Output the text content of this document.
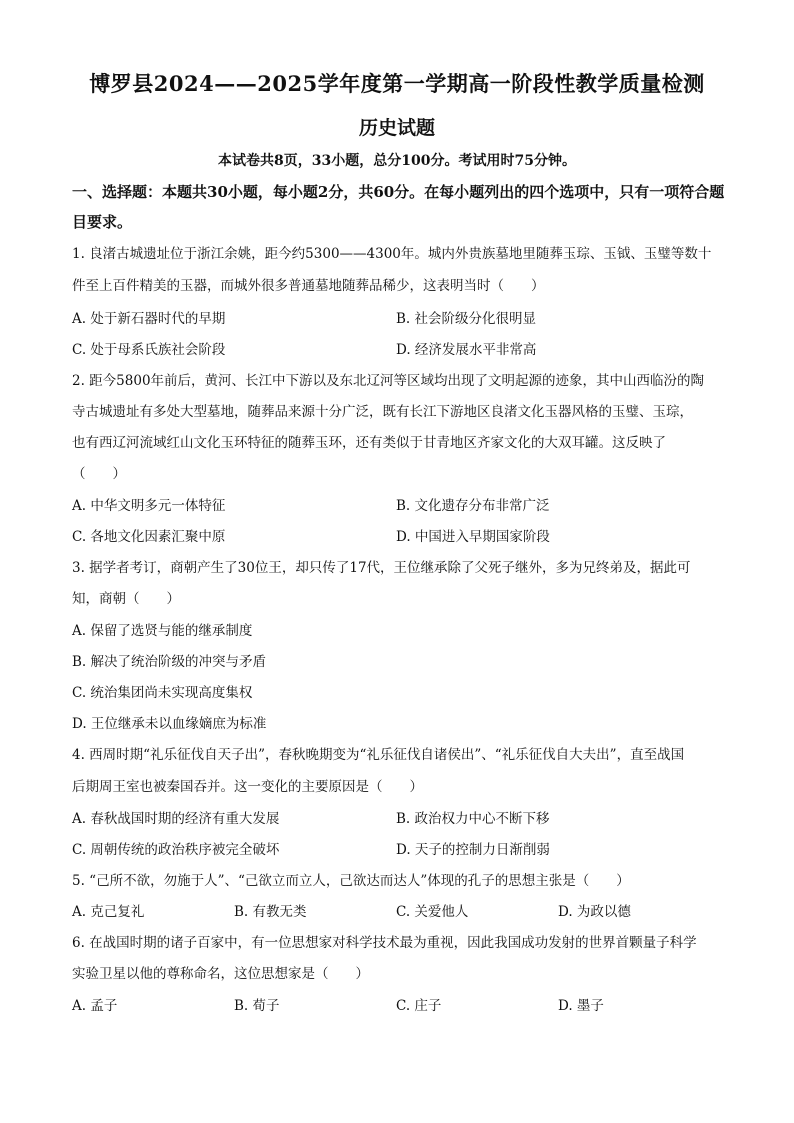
博罗县2024——2025学年度第一学期高一阶段性教学质量检测
历史试题
本试卷共8页，33小题，总分100分。考试用时75分钟。
一、选择题：本题共30小题，每小题2分，共60分。在每小题列出的四个选项中，只有一项符合题目要求。
1. 良渚古城遗址位于浙江余姚，距今约5300——4300年。城内外贵族墓地里随葬玉琮、玉钺、玉璧等数十
件至上百件精美的玉器，而城外很多普通墓地随葬品稀少，这表明当时（　　）
A. 处于新石器时代的早期	B. 社会阶级分化很明显
C. 处于母系氏族社会阶段	D. 经济发展水平非常高
2. 距今5800年前后，黄河、长江中下游以及东北辽河等区域均出现了文明起源的迹象，其中山西临汾的陶
寺古城遗址有多处大型墓地，随葬品来源十分广泛，既有长江下游地区良渚文化玉器风格的玉璧、玉琮，
也有西辽河流域红山文化玉环特征的随葬玉环，还有类似于甘青地区齐家文化的大双耳罐。这反映了
（　　）
A. 中华文明多元一体特征	B. 文化遗存分布非常广泛
C. 各地文化因素汇聚中原	D. 中国进入早期国家阶段
3. 据学者考订，商朝产生了30位王，却只传了17代，王位继承除了父死子继外，多为兄终弟及，据此可
知，商朝（　　）
A. 保留了选贤与能的继承制度
B. 解决了统治阶级的冲突与矛盾
C. 统治集团尚未实现高度集权
D. 王位继承未以血缘嫡庶为标准
4. 西周时期“礼乐征伐自天子出”，春秋晚期变为“礼乐征伐自诸侯出”、“礼乐征伐自大夫出”，直至战国
后期周王室也被秦国吞并。这一变化的主要原因是（　　）
A. 春秋战国时期的经济有重大发展	B. 政治权力中心不断下移
C. 周朝传统的政治秩序被完全破坏	D. 天子的控制力日渐削弱
5. “己所不欲，勿施于人”、“己欲立而立人，己欲达而达人”体现的孔子的思想主张是（　　）
A. 克己复礼	B. 有教无类	C. 关爱他人	D. 为政以德
6. 在战国时期的诸子百家中，有一位思想家对科学技术最为重视，因此我国成功发射的世界首颗量子科学
实验卫星以他的尊称命名，这位思想家是（　　）
A. 孟子	B. 荀子	C. 庄子	D. 墨子
